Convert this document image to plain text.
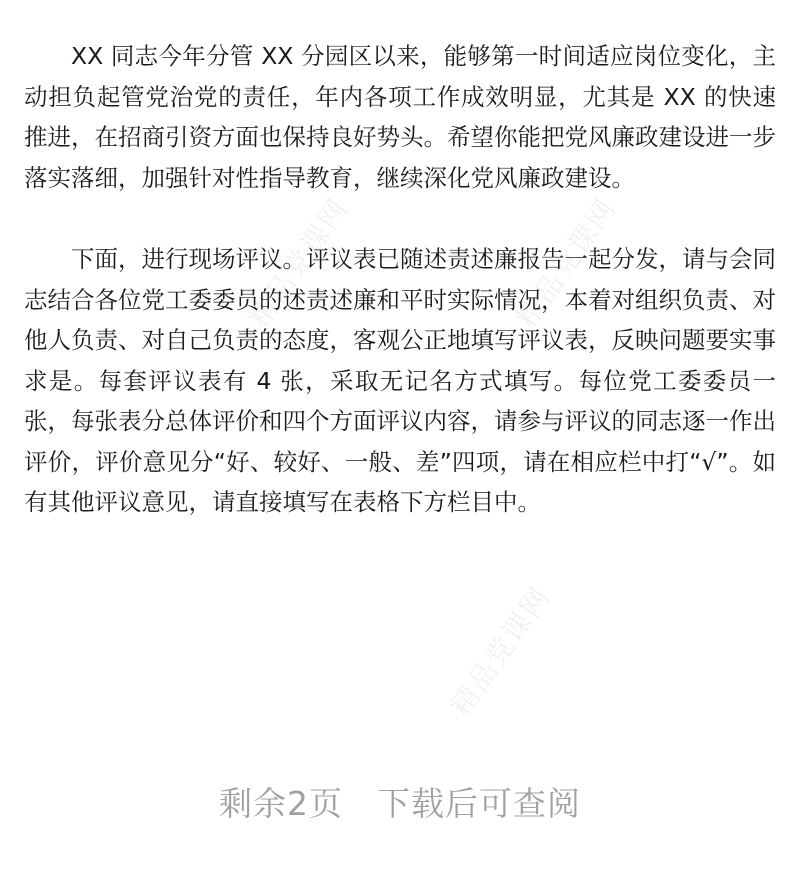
精品党课网	精品党课网
精品党课网

XX 同志今年分管 XX 分园区以来，能够第一时间适应岗位变化，主动担负起管党治党的责任，年内各项工作成效明显，尤其是 XX 的快速推进，在招商引资方面也保持良好势头。希望你能把党风廉政建设进一步落实落细，加强针对性指导教育，继续深化党风廉政建设。

下面，进行现场评议。评议表已随述责述廉报告一起分发，请与会同志结合各位党工委委员的述责述廉和平时实际情况，本着对组织负责、对他人负责、对自己负责的态度，客观公正地填写评议表，反映问题要实事求是。每套评议表有 4 张，采取无记名方式填写。每位党工委委员一张，每张表分总体评价和四个方面评议内容，请参与评议的同志逐一作出评价，评价意见分“好、较好、一般、差”四项，请在相应栏中打“√”。如有其他评议意见，请直接填写在表格下方栏目中。

剩余2页 下载后可查阅
